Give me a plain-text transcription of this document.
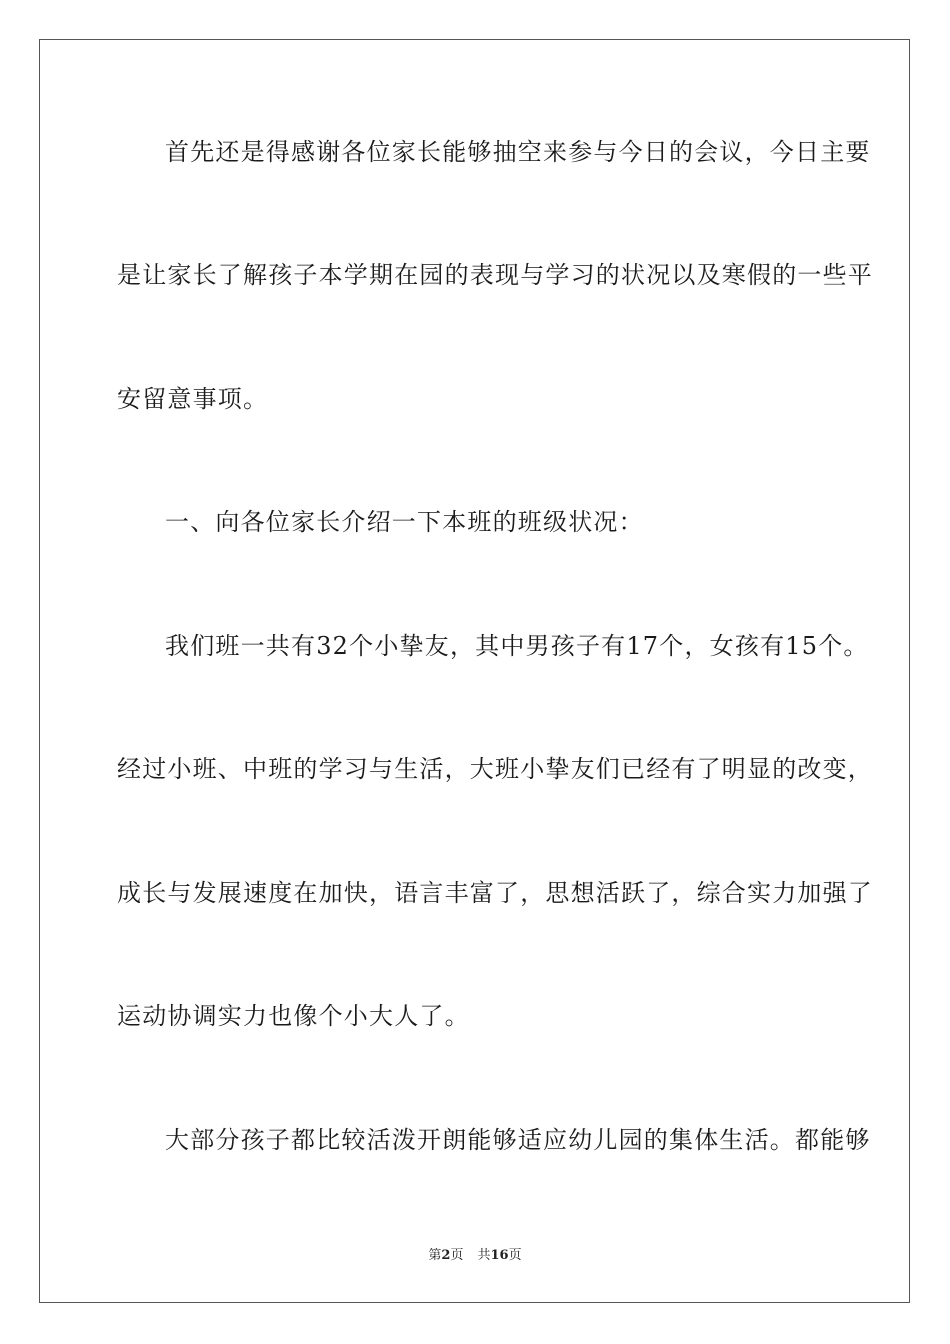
首先还是得感谢各位家长能够抽空来参与今日的会议，今日主要
是让家长了解孩子本学期在园的表现与学习的状况以及寒假的一些平
安留意事项。
一、向各位家长介绍一下本班的班级状况：
我们班一共有32个小挚友，其中男孩子有17个，女孩有15个。
经过小班、中班的学习与生活，大班小挚友们已经有了明显的改变，
成长与发展速度在加快，语言丰富了，思想活跃了，综合实力加强了
运动协调实力也像个小大人了。
大部分孩子都比较活泼开朗能够适应幼儿园的集体生活。都能够
第2页 共16页
